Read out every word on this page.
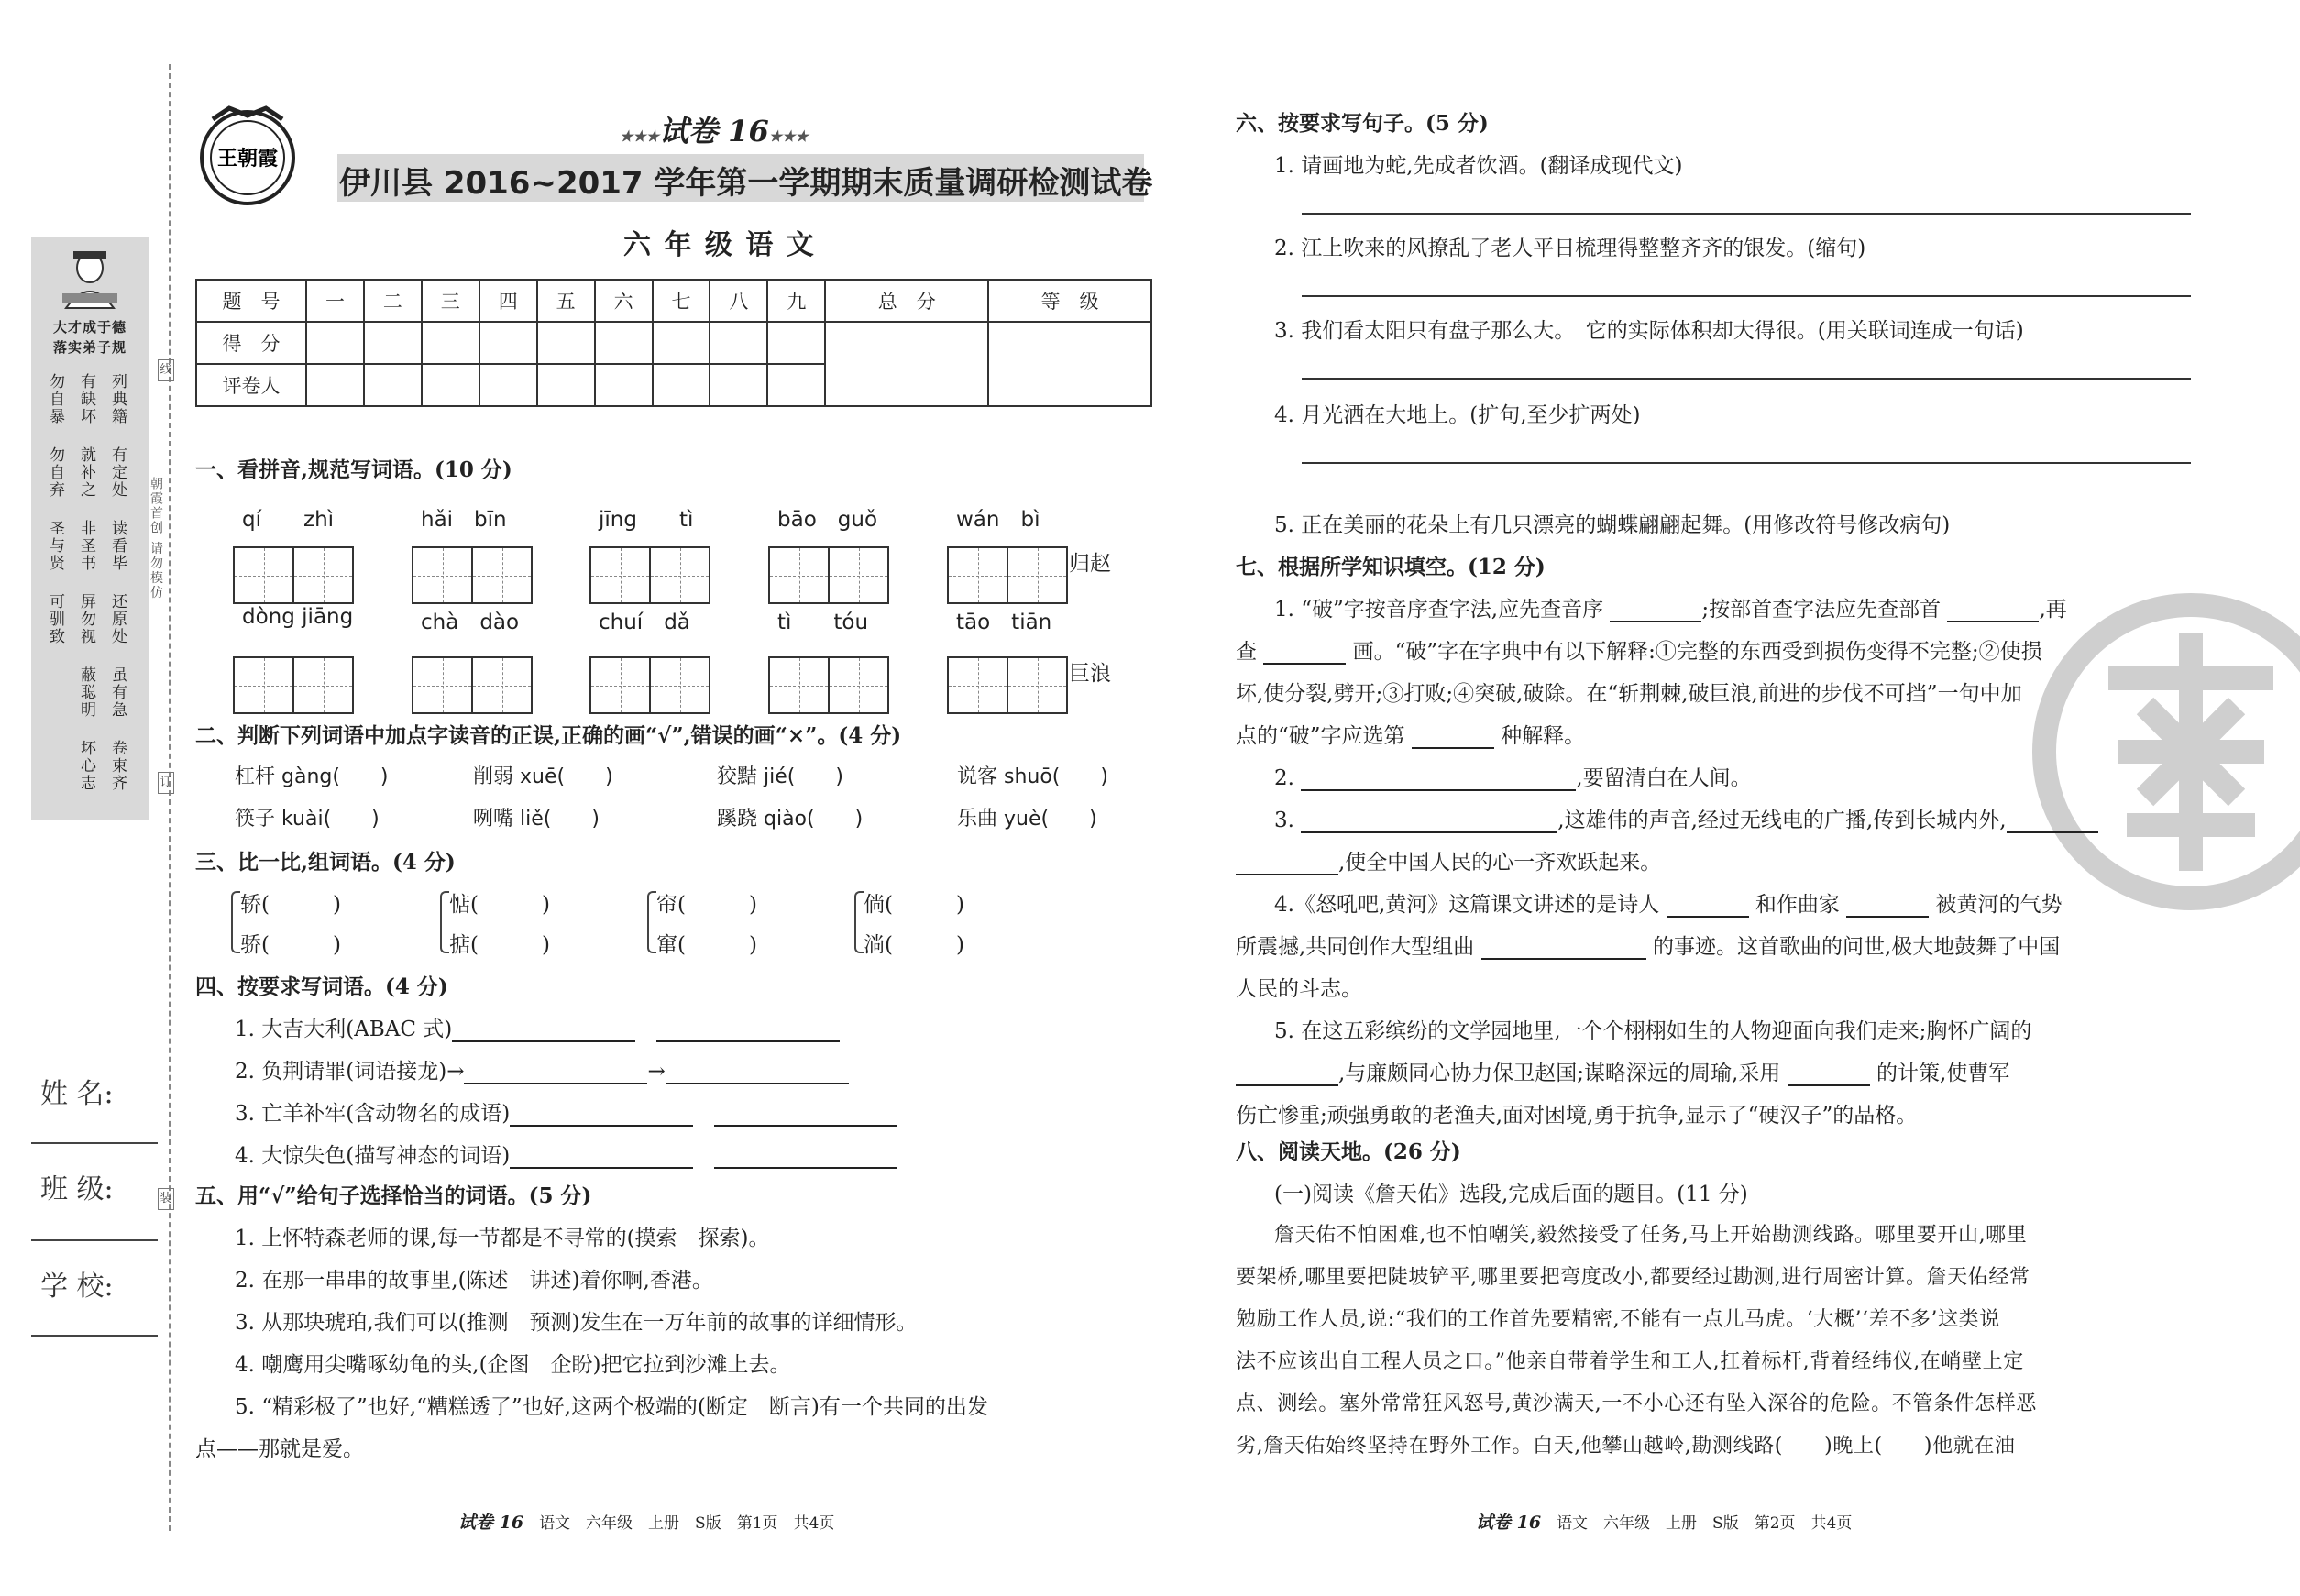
大才成于德
落实弟子规
勿自暴
勿自弃
圣与贤
可驯致
有缺坏
就补之
非圣书
屏勿视
蔽聪明
坏心志
列典籍
有定处
读看毕
还原处
虽有急
卷束齐
朝霞首创 请勿模仿
线
订
装
姓 名:
班 级:
学 校:
王朝霞
★★★试卷 16★★★
伊川县 2016~2017 学年第一学期期末质量调研检测试卷
六 年 级 语 文
题　号	一	二	三	四	五	六	七	八	九	总　分	等　级
得　分											
评卷人											
一、看拼音,规范写词语。(10 分)
qí　　zhì	hǎi　bīn	jīng　　tì	bāo　guǒ	wán　bì
dòng jiāng	chà　dào	chuí　dǎ	tì　　tóu	tāo　tiān
归赵
巨浪
二、判断下列词语中加点字读音的正误,正确的画“√”,错误的画“×”。(4 分)
杠杆 gàng(　　)	削弱 xuē(　　)	狡黠 jié(　　)	说客 shuō(　　)
筷子 kuài(　　)	咧嘴 liě(　　)	蹊跷 qiào(　　)	乐曲 yuè(　　)
三、比一比,组词语。(4 分)
轿(　　　)
骄(　　　)
惦(　　　)
掂(　　　)
帘(　　　)
窜(　　　)
倘(　　　)
淌(　　　)
四、按要求写词语。(4 分)
1. 大吉大利(ABAC 式)　
2. 负荆请罪(词语接龙)→	→
3. 亡羊补牢(含动物名的成语)　
4. 大惊失色(描写神态的词语)　
五、用“√”给句子选择恰当的词语。(5 分)
1. 上怀特森老师的课,每一节都是不寻常的(摸索　探索)。
2. 在那一串串的故事里,(陈述　讲述)着你啊,香港。
3. 从那块琥珀,我们可以(推测　预测)发生在一万年前的故事的详细情形。
4. 嘲鹰用尖嘴啄幼龟的头,(企图　企盼)把它拉到沙滩上去。
5. “精彩极了”也好,“糟糕透了”也好,这两个极端的(断定　断言)有一个共同的出发
点——那就是爱。
试卷 16　 语文　六年级　上册　S版　第1页　共4页
六、按要求写句子。(5 分)
1. 请画地为蛇,先成者饮酒。(翻译成现代文)
2. 江上吹来的风撩乱了老人平日梳理得整整齐齐的银发。(缩句)
3. 我们看太阳只有盘子那么大。　它的实际体积却大得很。(用关联词连成一句话)
4. 月光洒在大地上。(扩句,至少扩两处)
5. 正在美丽的花朵上有几只漂亮的蝴蝶翩翩起舞。(用修改符号修改病句)
七、根据所学知识填空。(12 分)
1. “破”字按音序查字法,应先查音序	;按部首查字法应先查部首	,再
查	画。“破”字在字典中有以下解释:①完整的东西受到损伤变得不完整;②使损
坏,使分裂,劈开;③打败;④突破,破除。在“斩荆棘,破巨浪,前进的步伐不可挡”一句中加
点的“破”字应选第	种解释。
2.	,要留清白在人间。
3.	,这雄伟的声音,经过无线电的广播,传到长城内外,
,使全中国人民的心一齐欢跃起来。
4.《怒吼吧,黄河》这篇课文讲述的是诗人	和作曲家	被黄河的气势
所震撼,共同创作大型组曲	的事迹。这首歌曲的问世,极大地鼓舞了中国
人民的斗志。
5. 在这五彩缤纷的文学园地里,一个个栩栩如生的人物迎面向我们走来;胸怀广阔的
,与廉颇同心协力保卫赵国;谋略深远的周瑜,采用	的计策,使曹军
伤亡惨重;顽强勇敢的老渔夫,面对困境,勇于抗争,显示了“硬汉子”的品格。
八、阅读天地。(26 分)
(一)阅读《詹天佑》选段,完成后面的题目。(11 分)
詹天佑不怕困难,也不怕嘲笑,毅然接受了任务,马上开始勘测线路。哪里要开山,哪里
要架桥,哪里要把陡坡铲平,哪里要把弯度改小,都要经过勘测,进行周密计算。詹天佑经常
勉励工作人员,说:“我们的工作首先要精密,不能有一点儿马虎。‘大概’‘差不多’这类说
法不应该出自工程人员之口。”他亲自带着学生和工人,扛着标杆,背着经纬仪,在峭壁上定
点、测绘。塞外常常狂风怒号,黄沙满天,一不小心还有坠入深谷的危险。不管条件怎样恶
劣,詹天佑始终坚持在野外工作。白天,他攀山越岭,勘测线路(　　)晚上(　　)他就在油
试卷 16　 语文　六年级　上册　S版　第2页　共4页
